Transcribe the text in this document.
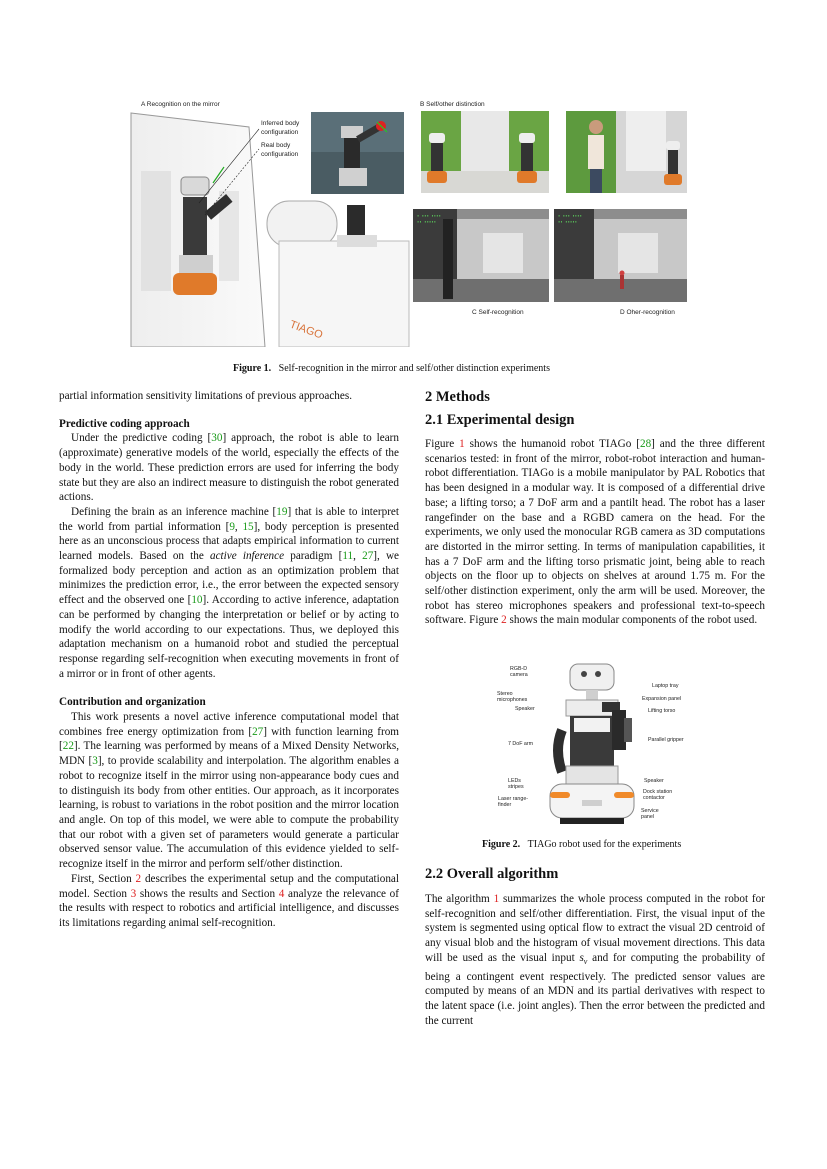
A Recognition on the mirror	B Self/other distinction
TIAGO
Inferred body configuration
Real body configuration
▪ ▪▪▪ ▪▪▪▪
▪▪ ▪▪▪▪▪
▪ ▪▪▪ ▪▪▪▪
▪▪ ▪▪▪▪▪
C Self-recognition	D Oher-recognition
Figure 1. Self-recognition in the mirror and self/other distinction experiments

partial information sensitivity limitations of previous approaches.

Predictive coding approach

Under the predictive coding [30] approach, the robot is able to learn (approximate) generative models of the world, especially the effects of the body in the world. These prediction errors are used for inferring the body state but they are also an indirect measure to distinguish the robot generated actions.

Defining the brain as an inference machine [19] that is able to interpret the world from partial information [9, 15], body perception is presented here as an unconscious process that adapts empirical information to current learned models. Based on the active inference paradigm [11, 27], we formalized body perception and action as an optimization problem that minimizes the prediction error, i.e., the error between the expected sensory effect and the observed one [10]. According to active inference, adaptation can be performed by changing the interpretation or belief or by acting to modify the world according to our expectations. Thus, we deployed this adaptation mechanism on a humanoid robot and studied the perceptual response regarding self-recognition when executing movements in front of a mirror or in front of other agents.

Contribution and organization

This work presents a novel active inference computational model that combines free energy optimization from [27] with function learning from [22]. The learning was performed by means of a Mixed Density Networks, MDN [3], to provide scalability and interpolation. The algorithm enables a robot to recognize itself in the mirror using non-appearance body cues and to distinguish its body from other entities. Our approach, as it incorporates learning, is robust to variations in the robot position and the mirror location and angle. On top of this model, we were able to compute the probability that our robot with a given set of parameters would generate a particular observed sensor value. The accumulation of this evidence yielded to self-recognize itself in the mirror and perform self/other distinction.

First, Section 2 describes the experimental setup and the computational model. Section 3 shows the results and Section 4 analyze the relevance of the results with respect to robotics and artificial intelligence, and discusses its limitations regarding animal self-recognition.

2 Methods
2.1 Experimental design

Figure 1 shows the humanoid robot TIAGo [28] and the three different scenarios tested: in front of the mirror, robot-robot interaction and human-robot differentiation. TIAGo is a mobile manipulator by PAL Robotics that has been designed in a modular way. It is composed of a differential drive base; a lifting torso; a 7 DoF arm and a pantilt head. The robot has a laser rangefinder on the base and a RGBD camera on the head. For the experiments, we only used the monocular RGB camera as 3D computations are distorted in the mirror setting. In terms of manipulation capabilities, it has a 7 DoF arm and the lifting torso prismatic joint, being able to reach objects on the floor up to objects on shelves at around 1.75 m. For the self/other distinction experiment, only the arm will be used. Moreover, the robot has stereo microphones speakers and professional text-to-speech software. Figure 2 shows the main modular components of the robot used.

RGB-D camera
Stereo microphones
Speaker
7 DoF arm
LEDs stripes
Laser range-finder
Laptop tray
Expansion panel
Lifting torso
Parallel gripper
Speaker
Dock station contactor
Service panel
Figure 2. TIAGo robot used for the experiments
2.2 Overall algorithm

The algorithm 1 summarizes the whole process computed in the robot for self-recognition and self/other differentiation. First, the visual input of the system is segmented using optical flow to extract the visual 2D centroid of any visual blob and the histogram of visual movement directions. This data will be used as the visual input $s_v$ and for computing the probability of being a contingent event respectively. The predicted sensor values are computed by means of an MDN and its partial derivatives with respect to the latent space (i.e. joint angles). Then the error between the predicted and the current
